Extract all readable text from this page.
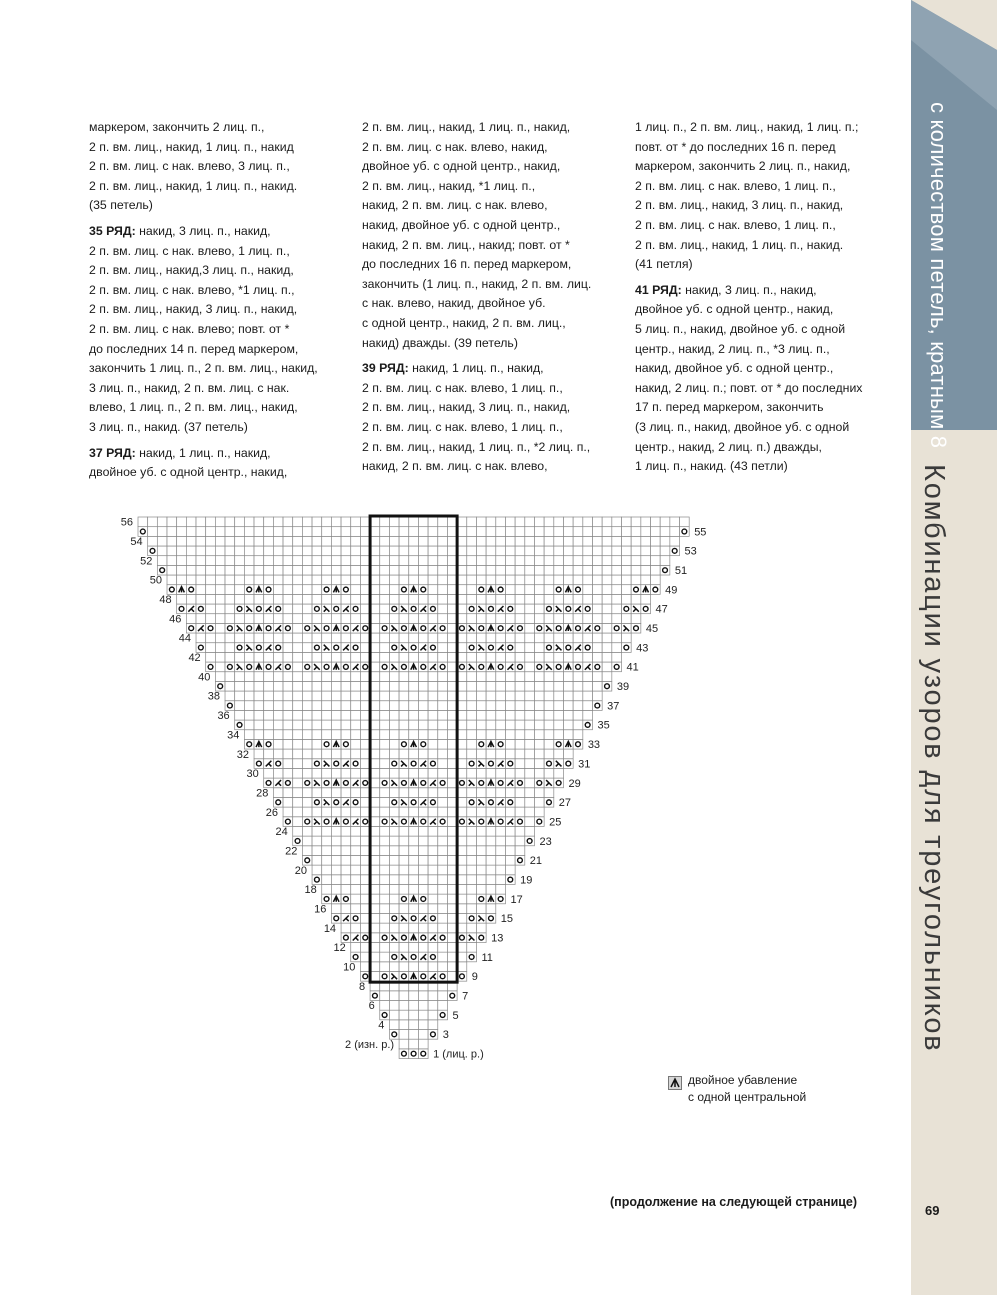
с количеством петель, кратным 8
Комбинации узоров для треугольников

маркером, закончить 2 лиц. п.,
2 п. вм. лиц., накид, 1 лиц. п., накид
2 п. вм. лиц. с нак. влево, 3 лиц. п.,
2 п. вм. лиц., накид, 1 лиц. п., накид.
(35 петель)

35 РЯД: накид, 3 лиц. п., накид,
2 п. вм. лиц. с нак. влево, 1 лиц. п.,
2 п. вм. лиц., накид,3 лиц. п., накид,
2 п. вм. лиц. с нак. влево, *1 лиц. п.,
2 п. вм. лиц., накид, 3 лиц. п., накид,
2 п. вм. лиц. с нак. влево; повт. от *
до последних 14 п. перед маркером,
закончить 1 лиц. п., 2 п. вм. лиц., накид,
3 лиц. п., накид, 2 п. вм. лиц. с нак.
влево, 1 лиц. п., 2 п. вм. лиц., накид,
3 лиц. п., накид. (37 петель)

37 РЯД: накид, 1 лиц. п., накид,
двойное уб. с одной центр., накид,

2 п. вм. лиц., накид, 1 лиц. п., накид,
2 п. вм. лиц. с нак. влево, накид,
двойное уб. с одной центр., накид,
2 п. вм. лиц., накид, *1 лиц. п.,
накид, 2 п. вм. лиц. с нак. влево,
накид, двойное уб. с одной центр.,
накид, 2 п. вм. лиц., накид; повт. от *
до последних 16 п. перед маркером,
закончить (1 лиц. п., накид, 2 п. вм. лиц.
с нак. влево, накид, двойное уб.
с одной центр., накид, 2 п. вм. лиц.,
накид) дважды. (39 петель)

39 РЯД: накид, 1 лиц. п., накид,
2 п. вм. лиц. с нак. влево, 1 лиц. п.,
2 п. вм. лиц., накид, 3 лиц. п., накид,
2 п. вм. лиц. с нак. влево, 1 лиц. п.,
2 п. вм. лиц., накид, 1 лиц. п., *2 лиц. п.,
накид, 2 п. вм. лиц. с нак. влево,

1 лиц. п., 2 п. вм. лиц., накид, 1 лиц. п.;
повт. от * до последних 16 п. перед
маркером, закончить 2 лиц. п., накид,
2 п. вм. лиц. с нак. влево, 1 лиц. п.,
2 п. вм. лиц., накид, 3 лиц. п., накид,
2 п. вм. лиц. с нак. влево, 1 лиц. п.,
2 п. вм. лиц., накид, 1 лиц. п., накид.
(41 петля)

41 РЯД: накид, 3 лиц. п., накид,
двойное уб. с одной центр., накид,
5 лиц. п., накид, двойное уб. с одной
центр., накид, 2 лиц. п., *3 лиц. п.,
накид, двойное уб. с одной центр.,
накид, 2 лиц. п.; повт. от * до последних
17 п. перед маркером, закончить
(3 лиц. п., накид, двойное уб. с одной
центр., накид, 2 лиц. п.) дважды,
1 лиц. п., накид. (43 петли)

2 (изн. р.)
4
6
8
10
12
14
16
18
20
22
24
26
28
30
32
34
36
38
40
42
44
46
48
50
52
54
56
1 (лиц. р.)
3
5
7
9
11
13
15
17
19
21
23
25
27
29
31
33
35
37
39
41
43
45
47
49
51
53
55
двойное убавление
с одной центральной
(продолжение на следующей странице)
69
